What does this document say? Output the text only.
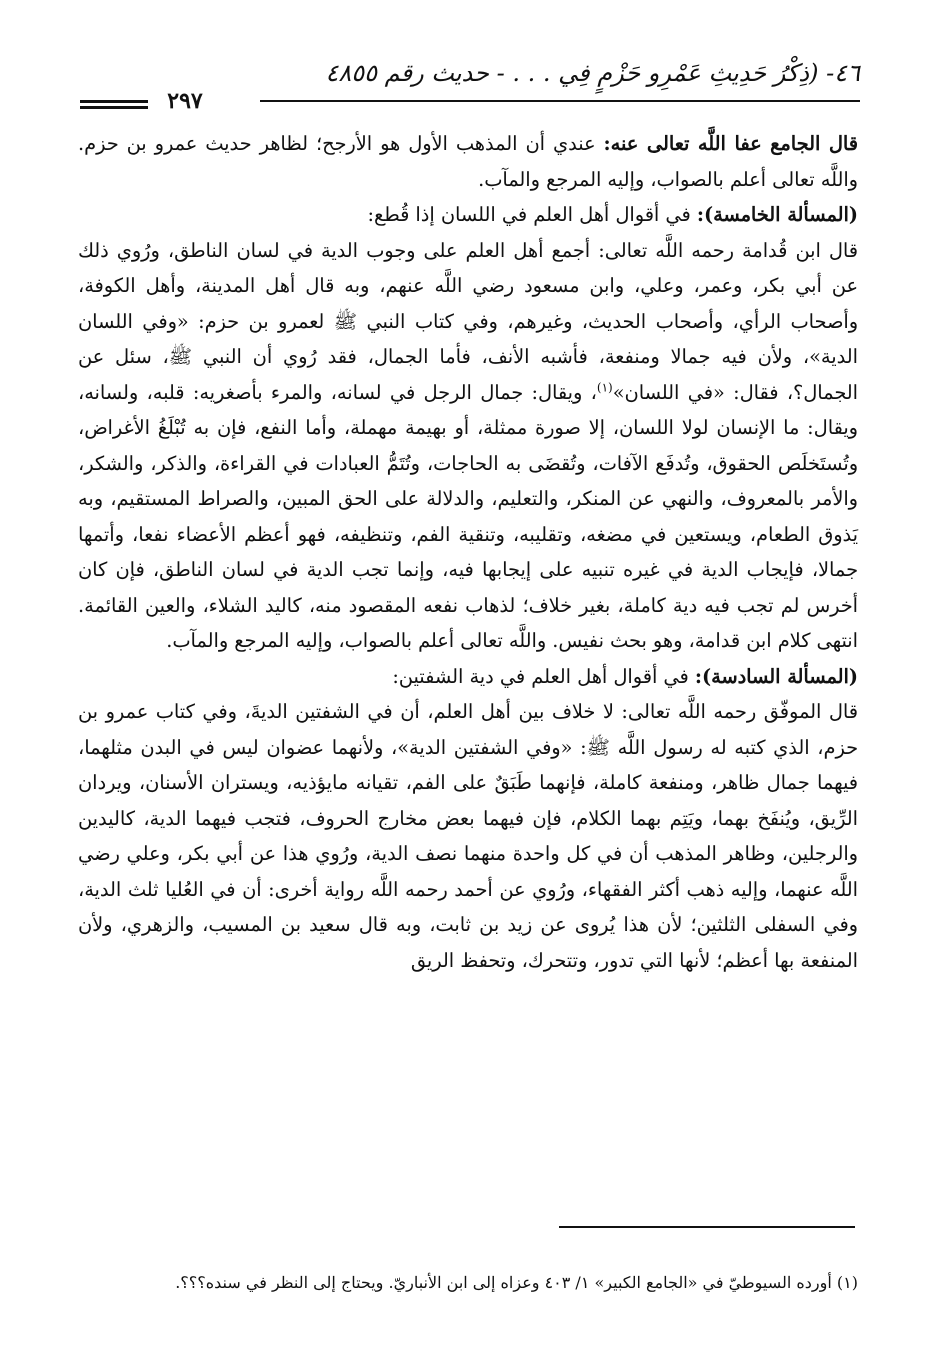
٤٦- (ذِكْرُ حَدِيثِ عَمْرِو حَزْمٍ فِي . . . - حديث رقم ٤٨٥٥
٢٩٧

قال الجامع عفا اللَّه تعالى عنه: عندي أن المذهب الأول هو الأرجح؛ لظاهر حديث عمرو بن حزم. واللَّه تعالى أعلم بالصواب، وإليه المرجع والمآب.

(المسألة الخامسة): في أقوال أهل العلم في اللسان إذا قُطع:

قال ابن قُدامة رحمه اللَّه تعالى: أجمع أهل العلم على وجوب الدية في لسان الناطق، ورُوي ذلك عن أبي بكر، وعمر، وعلي، وابن مسعود رضي اللَّه عنهم، وبه قال أهل المدينة، وأهل الكوفة، وأصحاب الرأي، وأصحاب الحديث، وغيرهم، وفي كتاب النبي ﷺ لعمرو بن حزم: «وفي اللسان الدية»، ولأن فيه جمالا ومنفعة، فأشبه الأنف، فأما الجمال، فقد رُوي أن النبي ﷺ، سئل عن الجمال؟، فقال: «في اللسان»$^{(١)}$، ويقال: جمال الرجل في لسانه، والمرء بأصغريه: قلبه، ولسانه، ويقال: ما الإنسان لولا اللسان، إلا صورة ممثلة، أو بهيمة مهملة، وأما النفع، فإن به تُبْلَغُ الأغراض، وتُستَخلَص الحقوق، وتُدفَع الآفات، وتُقضَى به الحاجات، وتُتَمُّ العبادات في القراءة، والذكر، والشكر، والأمر بالمعروف، والنهي عن المنكر، والتعليم، والدلالة على الحق المبين، والصراط المستقيم، وبه يَذوق الطعام، ويستعين في مضغه، وتقليبه، وتنقية الفم، وتنظيفه، فهو أعظم الأعضاء نفعا، وأتمها جمالا، فإيجاب الدية في غيره تنبيه على إيجابها فيه، وإنما تجب الدية في لسان الناطق، فإن كان أخرس لم تجب فيه دية كاملة، بغير خلاف؛ لذهاب نفعه المقصود منه، كاليد الشلاء، والعين القائمة. انتهى كلام ابن قدامة، وهو بحث نفيس. واللَّه تعالى أعلم بالصواب، وإليه المرجع والمآب.

(المسألة السادسة): في أقوال أهل العلم في دية الشفتين:

قال الموفّق رحمه اللَّه تعالى: لا خلاف بين أهل العلم، أن في الشفتين الديةَ، وفي كتاب عمرو بن حزم، الذي كتبه له رسول اللَّه ﷺ: «وفي الشفتين الدية»، ولأنهما عضوان ليس في البدن مثلهما، فيهما جمال ظاهر، ومنفعة كاملة، فإنهما طَبَقٌ على الفم، تقيانه مايؤذيه، ويستران الأسنان، ويردان الرِّيق، ويُنفَخ بهما، ويَتِم بهما الكلام، فإن فيهما بعض مخارج الحروف، فتجب فيهما الدية، كاليدين والرجلين، وظاهر المذهب أن في كل واحدة منهما نصف الدية، ورُوي هذا عن أبي بكر، وعلي رضي اللَّه عنهما، وإليه ذهب أكثر الفقهاء، ورُوي عن أحمد رحمه اللَّه رواية أخرى: أن في العُليا ثلث الدية، وفي السفلى الثلثين؛ لأن هذا يُروى عن زيد بن ثابت، وبه قال سعيد بن المسيب، والزهري، ولأن المنفعة بها أعظم؛ لأنها التي تدور، وتتحرك، وتحفظ الريق

(١) أورده السيوطيّ في «الجامع الكبير» ١/ ٤٠٣ وعزاه إلى ابن الأنباريّ. ويحتاج إلى النظر في سنده؟؟؟.
